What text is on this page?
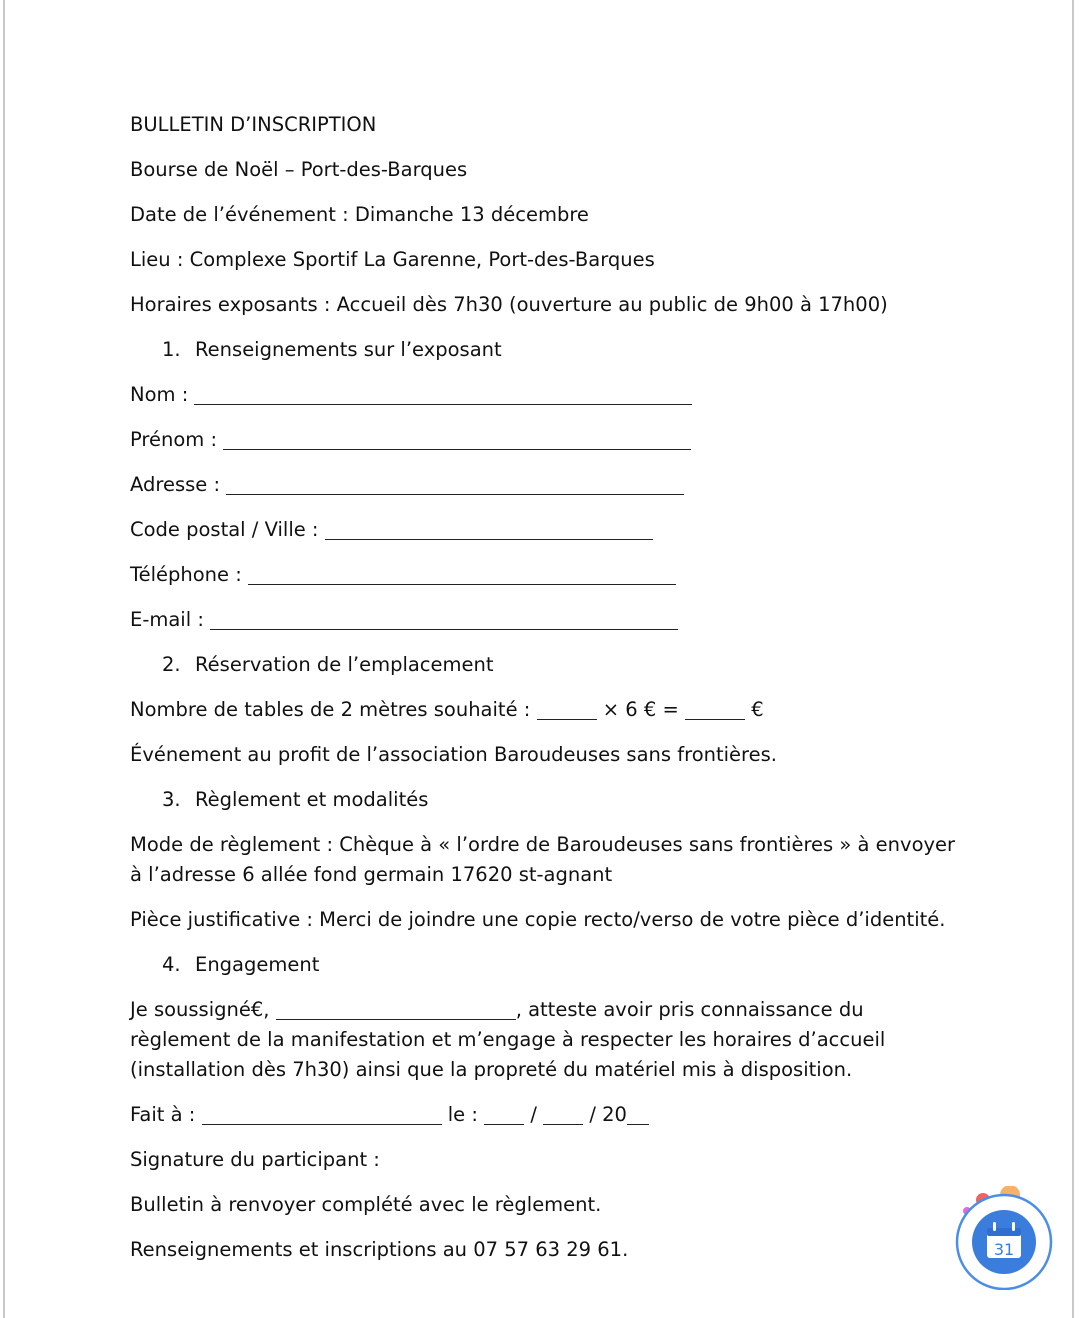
BULLETIN D’INSCRIPTION

Bourse de Noël – Port-des-Barques

Date de l’événement : Dimanche 13 décembre

Lieu : Complexe Sportif La Garenne, Port-des-Barques

Horaires exposants : Accueil dès 7h30 (ouverture au public de 9h00 à 17h00)

1. Renseignements sur l’exposant

Nom :

Prénom :

Adresse :

Code postal / Ville :

Téléphone :

E-mail :

2. Réservation de l’emplacement

Nombre de tables de 2 mètres souhaité :	× 6 € =	€

Événement au profit de l’association Baroudeuses sans frontières.

3. Règlement et modalités

Mode de règlement : Chèque à « l’ordre de Baroudeuses sans frontières » à envoyer à l’adresse 6 allée fond germain 17620 st-agnant

Pièce justificative : Merci de joindre une copie recto/verso de votre pièce d’identité.

4. Engagement

Je soussigné€,	, atteste avoir pris connaissance du règlement de la manifestation et m’engage à respecter les horaires d’accueil (installation dès 7h30) ainsi que la propreté du matériel mis à disposition.

Fait à :	le :	/	/ 20

Signature du participant :

Bulletin à renvoyer complété avec le règlement.

Renseignements et inscriptions au 07 57 63 29 61.	31
